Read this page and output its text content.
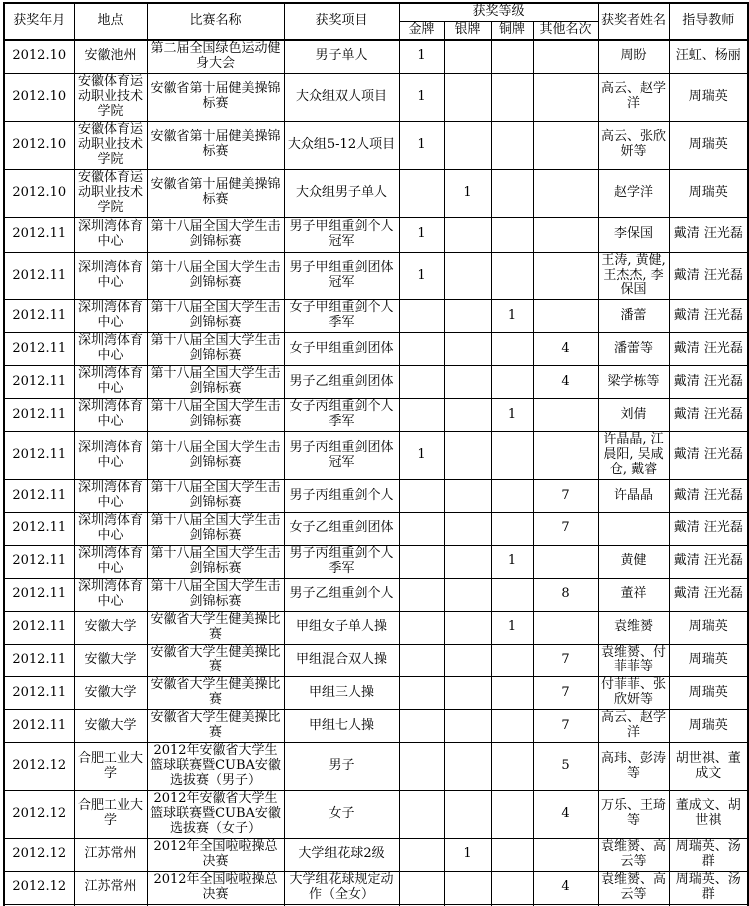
获奖年月	地点	比赛名称	获奖项目	获奖等级				获奖者姓名	指导教师
				金牌	银牌	铜牌	其他名次		
2012.10	安徽池州	第二届全国绿色运动健身大会	男子单人	1				周盼	汪虹、杨丽
2012.10	安徽体育运动职业技术学院	安徽省第十届健美操锦标赛	大众组双人项目	1				高云、赵学洋	周瑞英
2012.10	安徽体育运动职业技术学院	安徽省第十届健美操锦标赛	大众组5-12人项目	1				高云、张欣妍等	周瑞英
2012.10	安徽体育运动职业技术学院	安徽省第十届健美操锦标赛	大众组男子单人		1			赵学洋	周瑞英
2012.11	深圳湾体育中心	第十八届全国大学生击剑锦标赛	男子甲组重剑个人冠军	1				李保国	戴清 汪光磊
2012.11	深圳湾体育中心	第十八届全国大学生击剑锦标赛	男子甲组重剑团体冠军	1				王涛, 黄健, 王杰杰, 李保国	戴清 汪光磊
2012.11	深圳湾体育中心	第十八届全国大学生击剑锦标赛	女子甲组重剑个人季军			1		潘蕾	戴清 汪光磊
2012.11	深圳湾体育中心	第十八届全国大学生击剑锦标赛	女子甲组重剑团体				4	潘蕾等	戴清 汪光磊
2012.11	深圳湾体育中心	第十八届全国大学生击剑锦标赛	男子乙组重剑团体				4	梁学栋等	戴清 汪光磊
2012.11	深圳湾体育中心	第十八届全国大学生击剑锦标赛	女子丙组重剑个人季军			1		刘倩	戴清 汪光磊
2012.11	深圳湾体育中心	第十八届全国大学生击剑锦标赛	男子丙组重剑团体冠军	1				许晶晶, 江晨阳, 吴咸仓, 戴睿	戴清 汪光磊
2012.11	深圳湾体育中心	第十八届全国大学生击剑锦标赛	男子丙组重剑个人				7	许晶晶	戴清 汪光磊
2012.11	深圳湾体育中心	第十八届全国大学生击剑锦标赛	女子乙组重剑团体				7		戴清 汪光磊
2012.11	深圳湾体育中心	第十八届全国大学生击剑锦标赛	男子丙组重剑个人季军			1		黄健	戴清 汪光磊
2012.11	深圳湾体育中心	第十八届全国大学生击剑锦标赛	男子乙组重剑个人				8	董祥	戴清 汪光磊
2012.11	安徽大学	安徽省大学生健美操比赛	甲组女子单人操			1		袁维赟	周瑞英
2012.11	安徽大学	安徽省大学生健美操比赛	甲组混合双人操				7	袁维赟、付菲菲等	周瑞英
2012.11	安徽大学	安徽省大学生健美操比赛	甲组三人操				7	付菲菲、张欣妍等	周瑞英
2012.11	安徽大学	安徽省大学生健美操比赛	甲组七人操				7	高云、赵学洋	周瑞英
2012.12	合肥工业大学	2012年安徽省大学生篮球联赛暨CUBA安徽选拔赛（男子）	男子				5	高玮、彭涛等	胡世祺、董成文
2012.12	合肥工业大学	2012年安徽省大学生篮球联赛暨CUBA安徽选拔赛（女子）	女子				4	万乐、王琦等	董成文、胡世祺
2012.12	江苏常州	2012年全国啦啦操总决赛	大学组花球2级		1			袁维赟、高云等	周瑞英、汤群
2012.12	江苏常州	2012年全国啦啦操总决赛	大学组花球规定动作（全女）				4	袁维赟、高云等	周瑞英、汤群
